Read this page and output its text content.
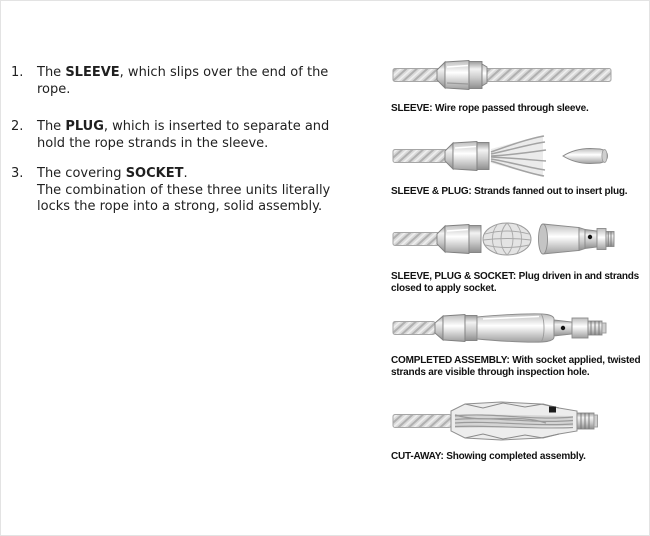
1.	The SLEEVE, which slips over the end of the rope.

2.	The PLUG, which is inserted to separate and hold the rope strands in the sleeve.

3.	The covering SOCKET.

The combination of these three units literally locks the rope into a strong, solid assembly.

SLEEVE: Wire rope passed through sleeve.
SLEEVE & PLUG: Strands fanned out to insert plug.
SLEEVE, PLUG & SOCKET: Plug driven in and strands closed to apply socket.
COMPLETED ASSEMBLY: With socket applied, twisted strands are visible through inspection hole.
CUT-AWAY: Showing completed assembly.
